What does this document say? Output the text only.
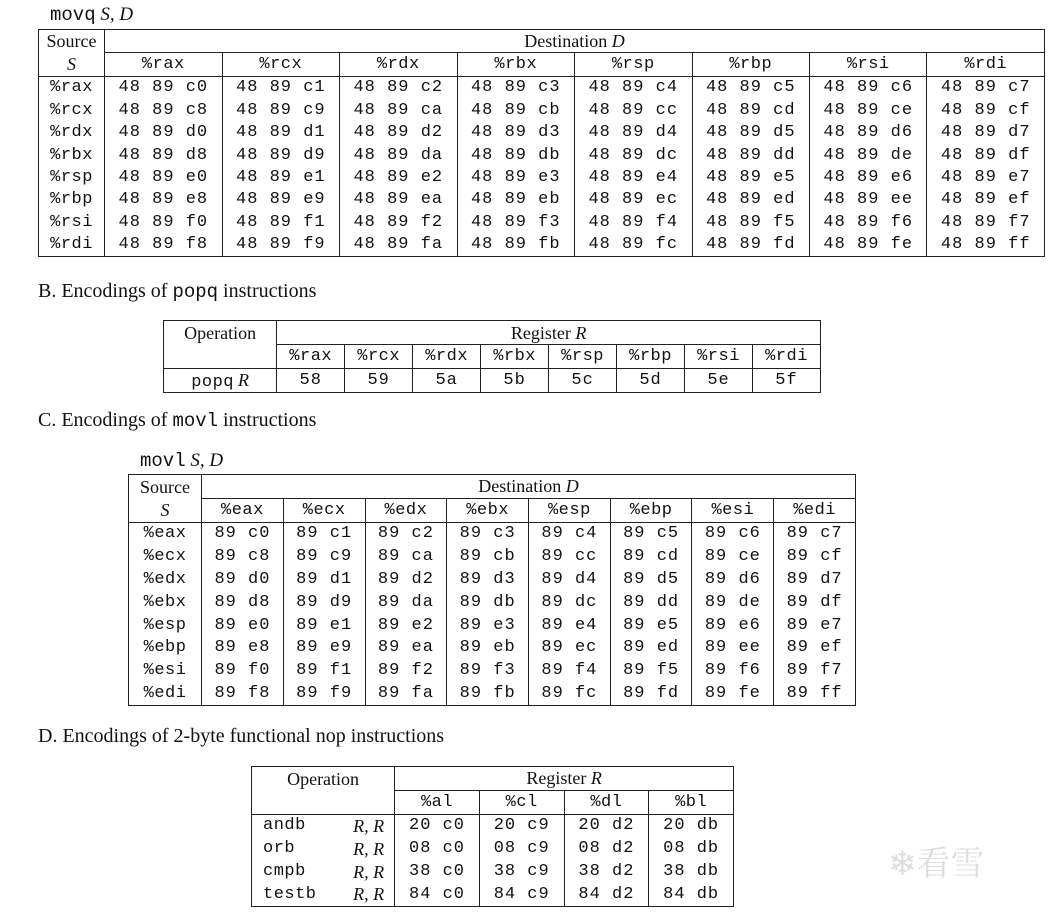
movq S, D
Source	Destination D							
S	%rax	%rcx	%rdx	%rbx	%rsp	%rbp	%rsi	%rdi
%rax	48 89 c0	48 89 c1	48 89 c2	48 89 c3	48 89 c4	48 89 c5	48 89 c6	48 89 c7
%rcx	48 89 c8	48 89 c9	48 89 ca	48 89 cb	48 89 cc	48 89 cd	48 89 ce	48 89 cf
%rdx	48 89 d0	48 89 d1	48 89 d2	48 89 d3	48 89 d4	48 89 d5	48 89 d6	48 89 d7
%rbx	48 89 d8	48 89 d9	48 89 da	48 89 db	48 89 dc	48 89 dd	48 89 de	48 89 df
%rsp	48 89 e0	48 89 e1	48 89 e2	48 89 e3	48 89 e4	48 89 e5	48 89 e6	48 89 e7
%rbp	48 89 e8	48 89 e9	48 89 ea	48 89 eb	48 89 ec	48 89 ed	48 89 ee	48 89 ef
%rsi	48 89 f0	48 89 f1	48 89 f2	48 89 f3	48 89 f4	48 89 f5	48 89 f6	48 89 f7
%rdi	48 89 f8	48 89 f9	48 89 fa	48 89 fb	48 89 fc	48 89 fd	48 89 fe	48 89 ff
B. Encodings of popq instructions
Operation	Register R							
	%rax	%rcx	%rdx	%rbx	%rsp	%rbp	%rsi	%rdi
popq R	58	59	5a	5b	5c	5d	5e	5f
C. Encodings of movl instructions
movl S, D
Source	Destination D							
S	%eax	%ecx	%edx	%ebx	%esp	%ebp	%esi	%edi
%eax	89 c0	89 c1	89 c2	89 c3	89 c4	89 c5	89 c6	89 c7
%ecx	89 c8	89 c9	89 ca	89 cb	89 cc	89 cd	89 ce	89 cf
%edx	89 d0	89 d1	89 d2	89 d3	89 d4	89 d5	89 d6	89 d7
%ebx	89 d8	89 d9	89 da	89 db	89 dc	89 dd	89 de	89 df
%esp	89 e0	89 e1	89 e2	89 e3	89 e4	89 e5	89 e6	89 e7
%ebp	89 e8	89 e9	89 ea	89 eb	89 ec	89 ed	89 ee	89 ef
%esi	89 f0	89 f1	89 f2	89 f3	89 f4	89 f5	89 f6	89 f7
%edi	89 f8	89 f9	89 fa	89 fb	89 fc	89 fd	89 fe	89 ff
D. Encodings of 2-byte functional nop instructions
Operation		Register R			
		%al	%cl	%dl	%bl
andb	R, R	20 c0	20 c9	20 d2	20 db
orb	R, R	08 c0	08 c9	08 d2	08 db
cmpb	R, R	38 c0	38 c9	38 d2	38 db
testb	R, R	84 c0	84 c9	84 d2	84 db
❄看雪
